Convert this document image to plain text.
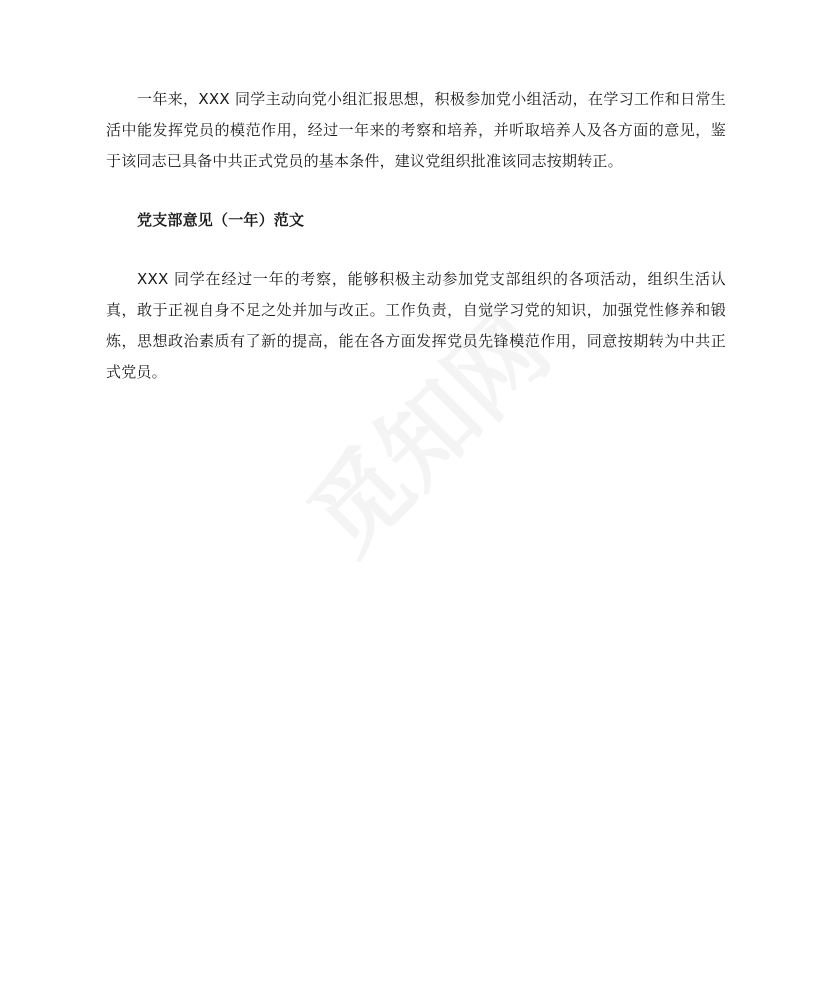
一年来，XXX 同学主动向党小组汇报思想，积极参加党小组活动，在学习工作和日常生活中能发挥党员的模范作用，经过一年来的考察和培养，并听取培养人及各方面的意见，鉴于该同志已具备中共正式党员的基本条件，建议党组织批准该同志按期转正。

党支部意见（一年）范文

XXX 同学在经过一年的考察，能够积极主动参加党支部组织的各项活动，组织生活认真，敢于正视自身不足之处并加与改正。工作负责，自觉学习党的知识，加强党性修养和锻炼，思想政治素质有了新的提高，能在各方面发挥党员先锋模范作用，同意按期转为中共正式党员。
